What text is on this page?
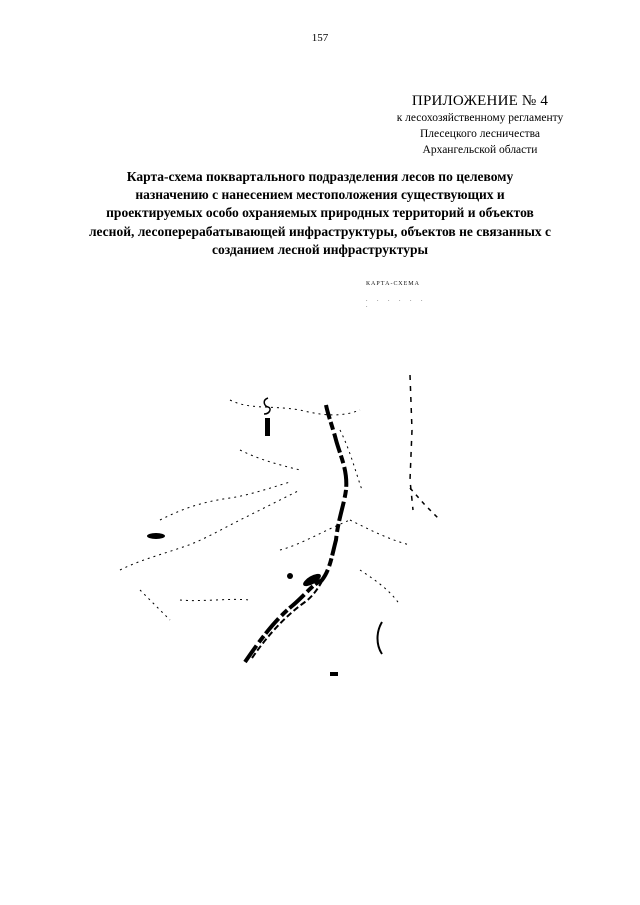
157
ПРИЛОЖЕНИЕ № 4
к лесохозяйственному регламенту
Плесецкого лесничества
Архангельской области
Карта-схема поквартального подразделения лесов по целевому
назначению с нанесением местоположения существующих и
проектируемых особо охраняемых природных территорий и объектов
лесной, лесоперерабатывающей инфраструктуры, объектов не связанных с
созданием лесной инфраструктуры
КАРТА-СХЕМА
. . . . . . .
